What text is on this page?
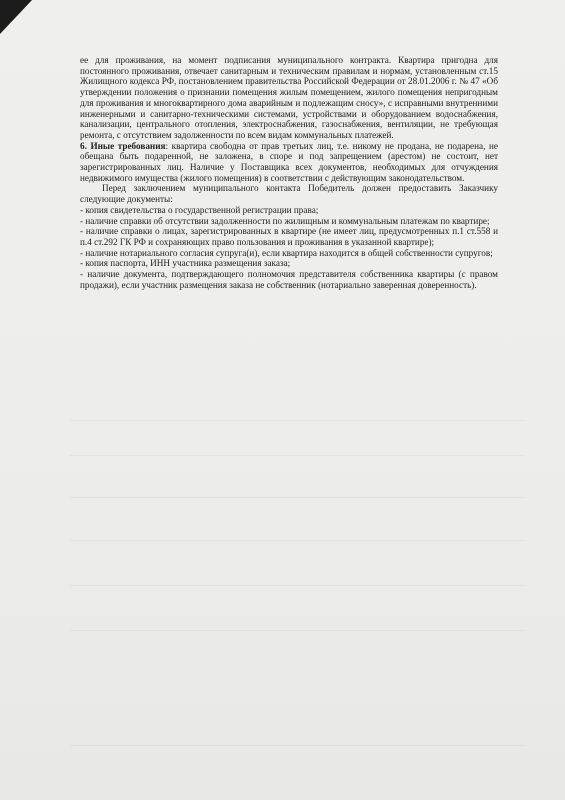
ее для проживания, на момент подписания муниципального контракта. Квартира пригодна для постоянного проживания, отвечает санитарным и техническим правилам и нормам, установленным ст.15 Жилищного кодекса РФ, постановлением правительства Российской Федерации от 28.01.2006 г. № 47 «Об утверждении положения о признании помещения жилым помещением, жилого помещения непригодным для проживания и многоквартирного дома аварийным и подлежащим сносу», с исправными внутренними инженерными и санитарно-техническими системами, устройствами и оборудованием водоснабжения, канализации, центрального отопления, электроснабжения, газоснабжения, вентиляции, не требующая ремонта, с отсутствием задолженности по всем видам коммунальных платежей.

6. Иные требования: квартира свободна от прав третьих лиц, т.е. никому не продана, не подарена, не обещана быть подаренной, не заложена, в споре и под запрещением (арестом) не состоит, нет зарегистрированных лиц. Наличие у Поставщика всех документов, необходимых для отчуждения недвижимого имущества (жилого помещения) в соответствии с действующим законодательством.

Перед заключением муниципального контакта Победитель должен предоставить Заказчику следующие документы:

- копия свидетельства о государственной регистрации права;

- наличие справки об отсутствии задолженности по жилищным и коммунальным платежам по квартире;

- наличие справки о лицах, зарегистрированных в квартире (не имеет лиц, предусмотренных п.1 ст.558 и п.4 ст.292 ГК РФ и сохраняющих право пользования и проживания в указанной квартире);

- наличие нотариального согласия супруга(и), если квартира находится в общей собственности супругов;

- копия паспорта, ИНН участника размещения заказа;

- наличие документа, подтверждающего полномочия представителя собственника квартиры (с правом продажи), если участник размещения заказа не собственник (нотариально заверенная доверенность).
